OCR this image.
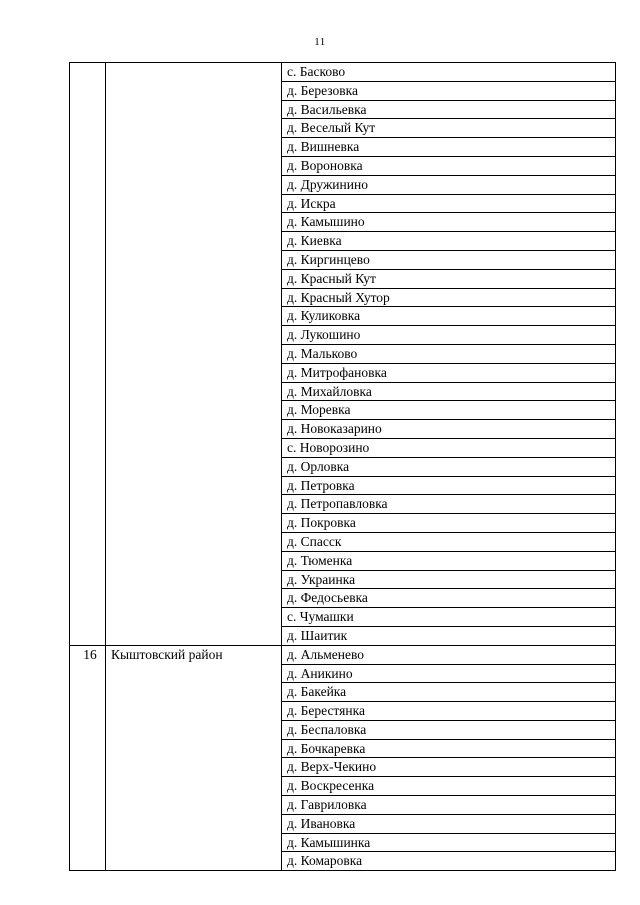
11
		с. Басково
		д. Березовка
		д. Васильевка
		д. Веселый Кут
		д. Вишневка
		д. Вороновка
		д. Дружинино
		д. Искра
		д. Камышино
		д. Киевка
		д. Киргинцево
		д. Красный Кут
		д. Красный Хутор
		д. Куликовка
		д. Лукошино
		д. Мальково
		д. Митрофановка
		д. Михайловка
		д. Моревка
		д. Новоказарино
		с. Новорозино
		д. Орловка
		д. Петровка
		д. Петропавловка
		д. Покровка
		д. Спасск
		д. Тюменка
		д. Украинка
		д. Федосьевка
		с. Чумашки
		д. Шаитик
16	Кыштовский район	д. Альменево
		д. Аникино
		д. Бакейка
		д. Берестянка
		д. Беспаловка
		д. Бочкаревка
		д. Верх-Чекино
		д. Воскресенка
		д. Гавриловка
		д. Ивановка
		д. Камышинка
		д. Комаровка
